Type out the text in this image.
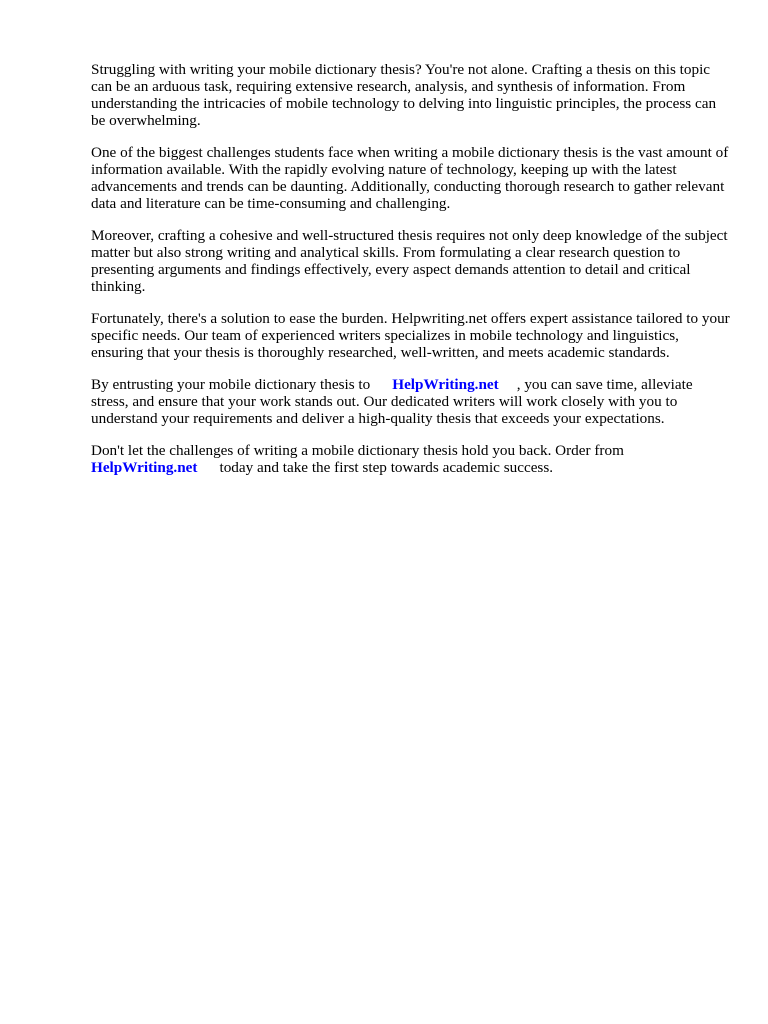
Struggling with writing your mobile dictionary thesis? You're not alone. Crafting a thesis on this topic can be an arduous task, requiring extensive research, analysis, and synthesis of information. From understanding the intricacies of mobile technology to delving into linguistic principles, the process can be overwhelming.

One of the biggest challenges students face when writing a mobile dictionary thesis is the vast amount of information available. With the rapidly evolving nature of technology, keeping up with the latest advancements and trends can be daunting. Additionally, conducting thorough research to gather relevant data and literature can be time-consuming and challenging.

Moreover, crafting a cohesive and well-structured thesis requires not only deep knowledge of the subject matter but also strong writing and analytical skills. From formulating a clear research question to presenting arguments and findings effectively, every aspect demands attention to detail and critical thinking.

Fortunately, there's a solution to ease the burden. Helpwriting.net offers expert assistance tailored to your specific needs. Our team of experienced writers specializes in mobile technology and linguistics, ensuring that your thesis is thoroughly researched, well-written, and meets academic standards.

By entrusting your mobile dictionary thesis to HelpWriting.net , you can save time, alleviate stress, and ensure that your work stands out. Our dedicated writers will work closely with you to understand your requirements and deliver a high-quality thesis that exceeds your expectations.

Don't let the challenges of writing a mobile dictionary thesis hold you back. Order from HelpWriting.net today and take the first step towards academic success.
